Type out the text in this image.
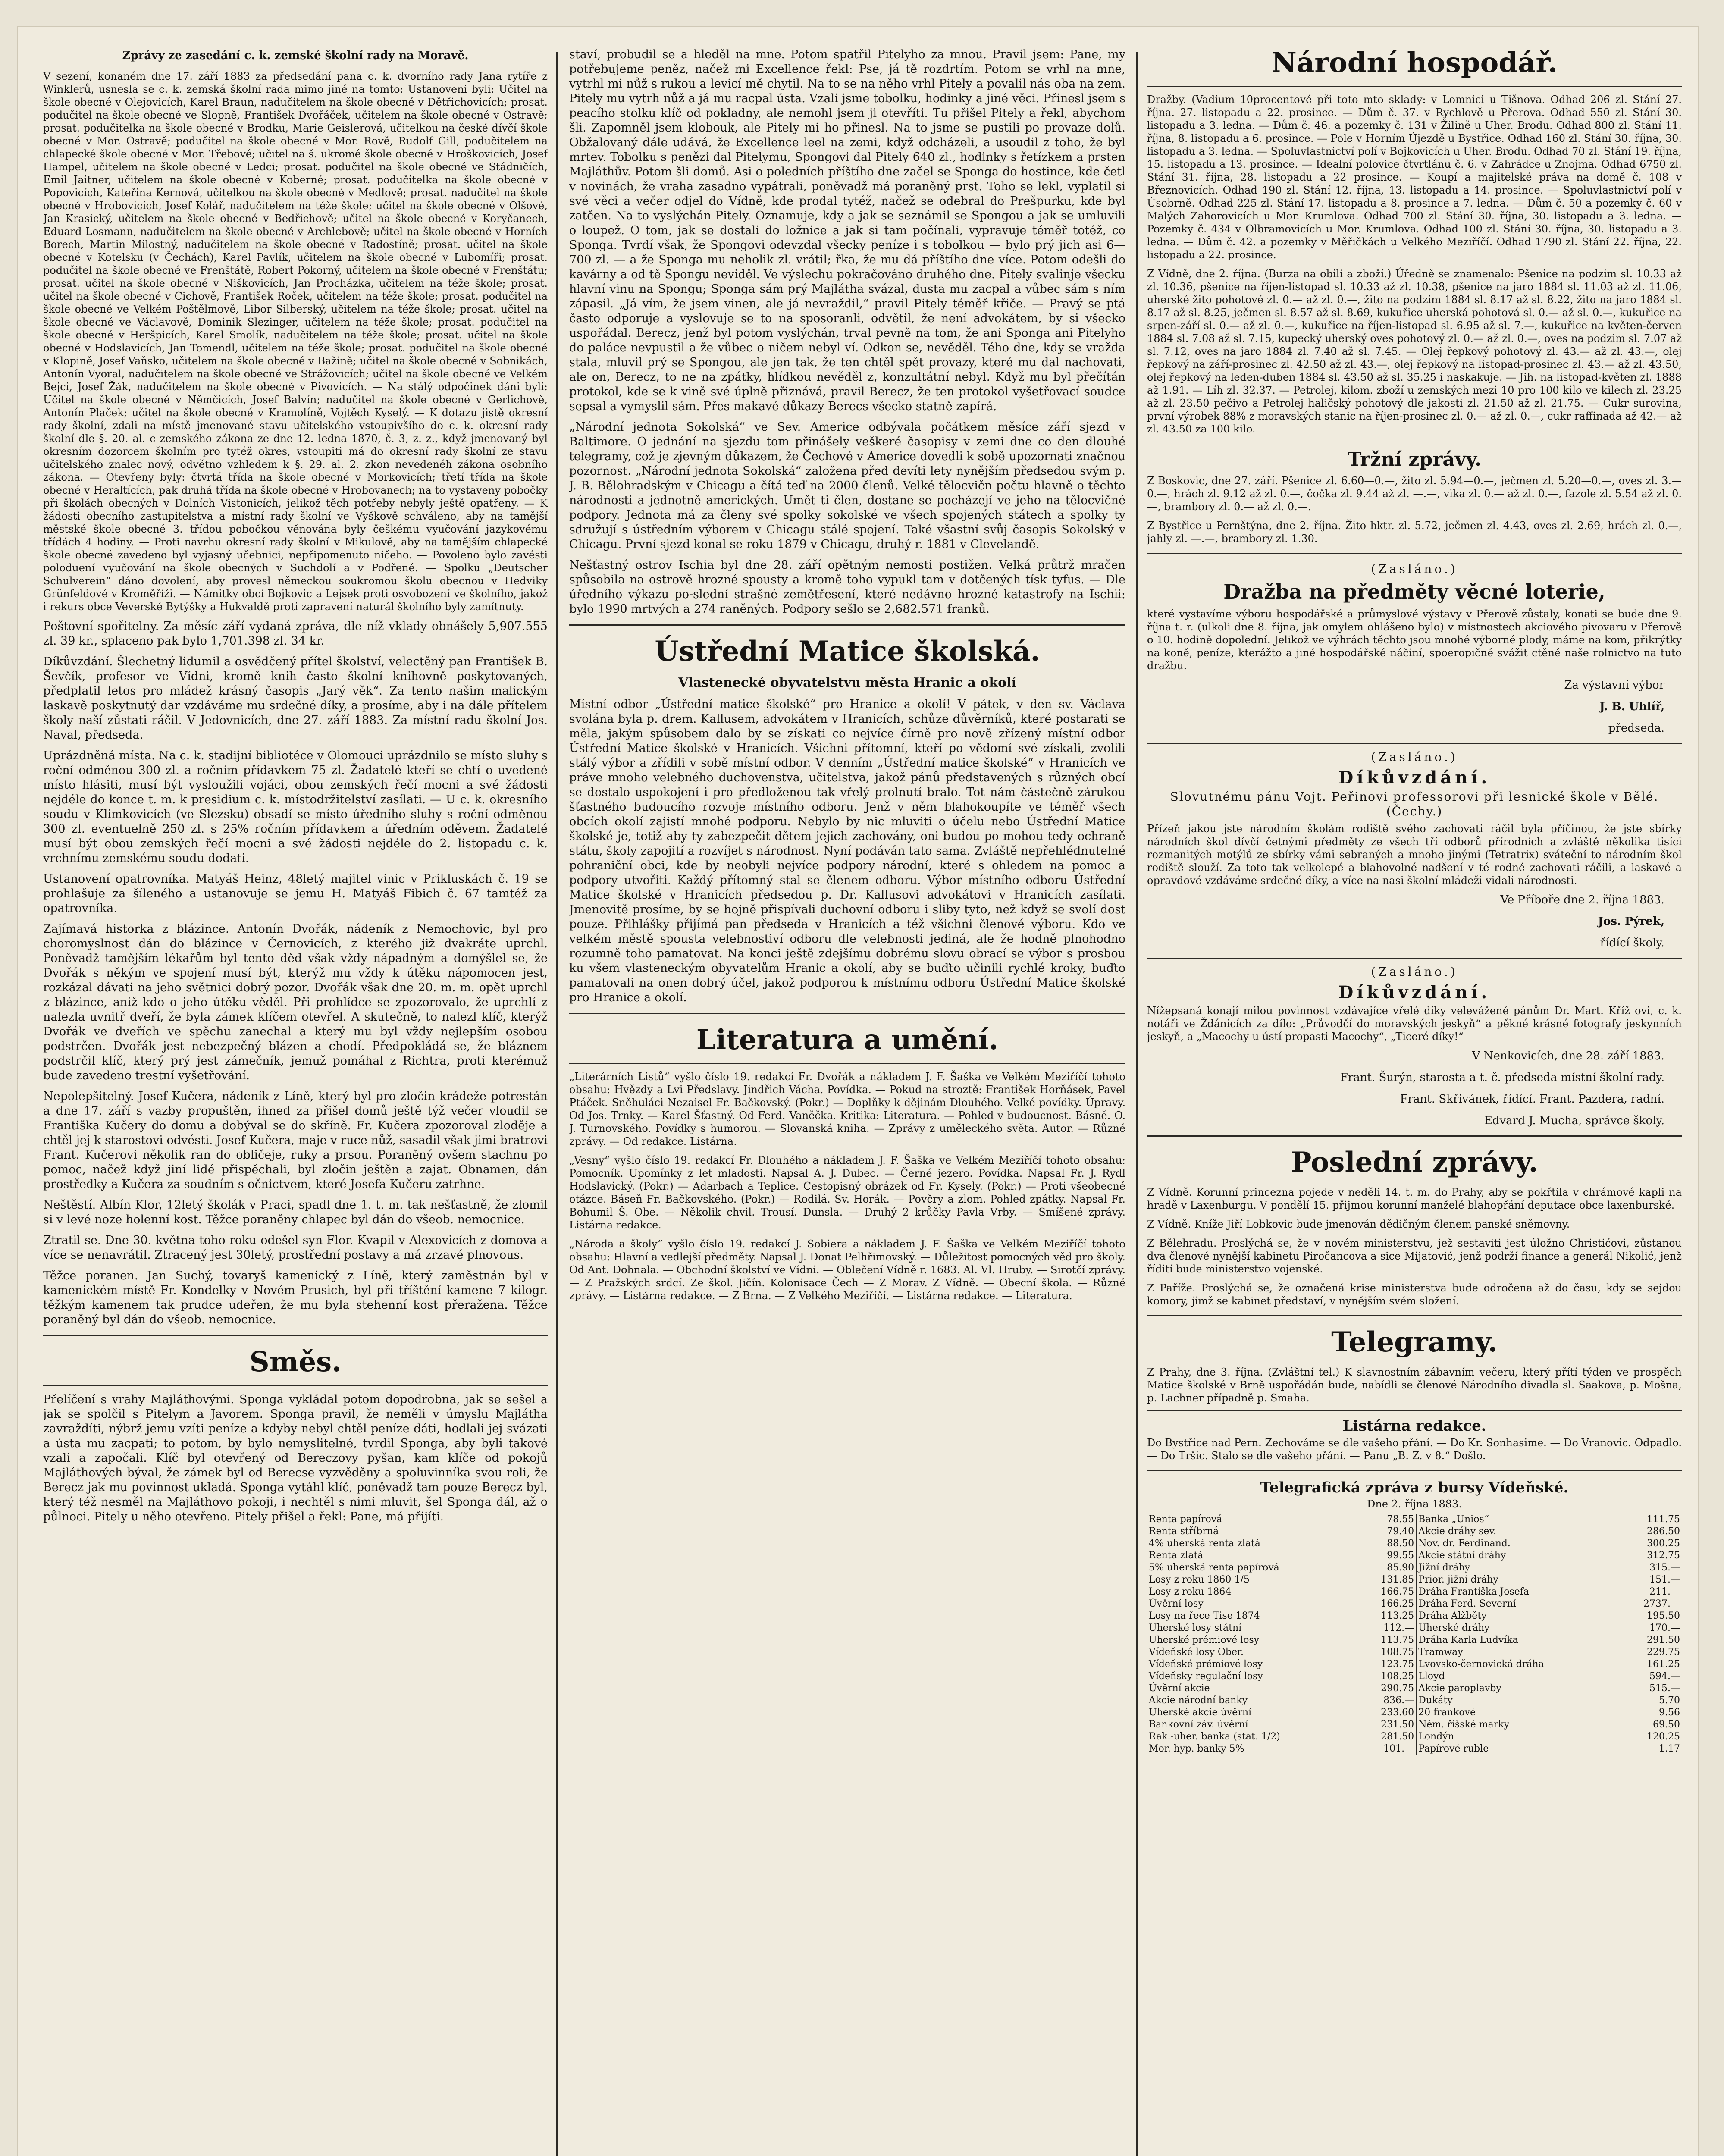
Zprávy ze zasedání c. k. zemské školní rady na Moravě.

V sezení, konaném dne 17. září 1883 za předsedání pana c. k. dvorního rady Jana rytíře z Winklerů, usnesla se c. k. zemská školní rada mimo jiné na tomto: Ustanoveni byli: Učitel na škole obecné v Olejovicích, Karel Braun, nadučitelem na škole obecné v Dětřichovicích; prosat. podučitel na škole obecné ve Slopně, František Dvořáček, učitelem na škole obecné v Ostravě; prosat. podučitelka na škole obecné v Brodku, Marie Geislerová, učitelkou na české dívčí škole obecné v Mor. Ostravě; podučitel na škole obecné v Mor. Rově, Rudolf Gill, podučitelem na chlapecké škole obecné v Mor. Třebové; učitel na š. ukromé škole obecné v Hroškovicích, Josef Hampel, učitelem na škole obecné v Ledci; prosat. podučitel na škole obecné ve Stádničích, Emil Jaitner, učitelem na škole obecné v Koberné; prosat. podučitelka na škole obecné v Popovicích, Kateřina Kernová, učitelkou na škole obecné v Medlově; prosat. nadučitel na škole obecné v Hrobovicích, Josef Kolář, nadučitelem na téže škole; učitel na škole obecné v Olšové, Jan Krasický, učitelem na škole obecné v Bedřichově; učitel na škole obecné v Koryčanech, Eduard Losmann, nadučitelem na škole obecné v Archlebově; učitel na škole obecné v Horních Borech, Martin Milostný, nadučitelem na škole obecné v Radostíně; prosat. učitel na škole obecné v Kotelsku (v Čechách), Karel Pavlík, učitelem na škole obecné v Lubomíři; prosat. podučitel na škole obecné ve Frenštátě, Robert Pokorný, učitelem na škole obecné v Frenštátu; prosat. učitel na škole obecné v Niškovicích, Jan Procházka, učitelem na téže škole; prosat. učitel na škole obecné v Cichově, František Roček, učitelem na téže škole; prosat. podučitel na škole obecné ve Velkém Poštělmově, Libor Silberský, učitelem na téže škole; prosat. učitel na škole obecné ve Václavově, Dominik Slezinger, učitelem na téže škole; prosat. podučitel na škole obecné v Heršpicích, Karel Smolík, nadučitelem na téže škole; prosat. učitel na škole obecné v Hodslavicích, Jan Tomendl, učitelem na téže škole; prosat. podučitel na škole obecné v Klopině, Josef Vaňsko, učitelem na škole obecné v Bažině; učitel na škole obecné v Sobnikách, Antonín Vyoral, nadučitelem na škole obecné ve Strážovicích; učitel na škole obecné ve Velkém Bejci, Josef Žák, nadučitelem na škole obecné v Pivovicích. — Na stálý odpočinek dáni byli: Učitel na škole obecné v Němčicích, Josef Balvín; nadučitel na škole obecné v Gerlichově, Antonín Plaček; učitel na škole obecné v Kramolíně, Vojtěch Kyselý. — K dotazu jistě okresní rady školní, zdali na místě jmenované stavu učitelského vstoupivšího do c. k. okresní rady školní dle §. 20. al. c zemského zákona ze dne 12. ledna 1870, č. 3, z. z., když jmenovaný byl okresním dozorcem školním pro tytéž okres, vstoupiti má do okresní rady školní ze stavu učitelského znalec nový, odvětno vzhledem k §. 29. al. 2. zkon nevedenéh zákona osobního zákona. — Otevřeny byly: čtvrtá třída na škole obecné v Morkovicích; třetí třída na škole obecné v Heraltících, pak druhá třída na škole obecné v Hrobovanech; na to vystaveny pobočky při školách obecných v Dolních Vistonicích, jelikož těch potřeby nebyly ještě opatřeny. — K žádosti obecního zastupitelstva a místní rady školní ve Vyškově schváleno, aby na tamější městské škole obecné 3. třídou pobočkou věnována byly češkému vyučování jazykovému třídách 4 hodiny. — Proti navrhu okresní rady školní v Mikulově, aby na tamějším chlapecké škole obecné zavedeno byl vyjasný učebnici, nepřipomenuto ničeho. — Povoleno bylo zavésti poloduení vyučování na škole obecných v Suchdolí a v Podřené. — Spolku „Deutscher Schulverein“ dáno dovolení, aby provesl německou soukromou školu obecnou v Hedviky Grünfeldové v Kroměříži. — Námitky obcí Bojkovic a Lejsek proti osvobození ve školního, jakož i rekurs obce Veverské Bytýšky a Hukvaldě proti zapravení naturál školního byly zamítnuty.

Poštovní spořitelny. Za měsíc září vydaná zpráva, dle níž vklady obnášely 5,907.555 zl. 39 kr., splaceno pak bylo 1,701.398 zl. 34 kr.

Díkůvzdání. Šlechetný lidumil a osvědčený přítel školství, velectěný pan František B. Ševčík, profesor ve Vídni, kromě knih často školní knihovně poskytovaných, předplatil letos pro mládež krásný časopis „Jarý věk“. Za tento našim malickým laskavě poskytnutý dar vzdáváme mu srdečné díky, a prosíme, aby i na dále přítelem školy naší zůstati ráčil. V Jedovnicích, dne 27. září 1883. Za místní radu školní Jos. Naval, předseda.

Uprázdněná místa. Na c. k. stadijní bibliotéce v Olomouci uprázdnilo se místo sluhy s roční odměnou 300 zl. a ročním přídavkem 75 zl. Žadatelé kteří se chtí o uvedené místo hlásiti, musí být vysloužili vojáci, obou zemských řečí mocni a své žádosti nejdéle do konce t. m. k presidium c. k. místodržitelství zasílati. — U c. k. okresního soudu v Klimkovicích (ve Slezsku) obsadí se místo úředního sluhy s roční odměnou 300 zl. eventuelně 250 zl. s 25% ročním přídavkem a úředním oděvem. Žadatelé musí být obou zemských řečí mocni a své žádosti nejdéle do 2. listopadu c. k. vrchnímu zemskému soudu dodati.

Ustanovení opatrovníka. Matyáš Heinz, 48letý majitel vinic v Prikluskách č. 19 se prohlašuje za šíleného a ustanovuje se jemu H. Matyáš Fibich č. 67 tamtéž za opatrovníka.

Zajímavá historka z blázince. Antonín Dvořák, nádeník z Nemochovic, byl pro choromyslnost dán do blázince v Černovicích, z kterého již dvakráte uprchl. Poněvadž tamějším lékařům byl tento děd však vždy nápadným a domýšlel se, že Dvořák s někým ve spojení musí být, kterýž mu vždy k útěku nápomocen jest, rozkázal dávati na jeho světnici dobrý pozor. Dvořák však dne 20. m. m. opět uprchl z blázince, aniž kdo o jeho útěku věděl. Při prohlídce se zpozorovalo, že uprchlí z nalezla uvnitř dveří, že byla zámek klíčem otevřel. A skutečně, to nalezl klíč, kterýž Dvořák ve dveřích ve spěchu zanechal a který mu byl vždy nejlepším osobou podstrčen. Dvořák jest nebezpečný blázen a chodí. Předpokládá se, že bláznem podstrčil klíč, který prý jest zámečník, jemuž pomáhal z Richtra, proti kterémuž bude zavedeno trestní vyšetřování.

Nepolepšitelný. Josef Kučera, nádeník z Líně, který byl pro zločin krádeže potrestán a dne 17. září s vazby propuštěn, ihned za přišel domů ještě týž večer vloudil se Františka Kučery do domu a dobýval se do skříně. Fr. Kučera zpozoroval zloděje a chtěl jej k starostovi odvésti. Josef Kučera, maje v ruce nůž, sasadil však jimi bratrovi Frant. Kučerovi několik ran do obličeje, ruky a prsou. Poraněný ovšem stachnu po pomoc, načež když jiní lidé přispěchali, byl zločin ještěn a zajat. Obnamen, dán prostředky a Kučera za soudním s očnictvem, které Josefa Kučeru zatrhne.

Neštěstí. Albín Klor, 12letý školák v Praci, spadl dne 1. t. m. tak nešťastně, že zlomil si v levé noze holenní kost. Těžce poraněny chlapec byl dán do všeob. nemocnice.

Ztratil se. Dne 30. května toho roku odešel syn Flor. Kvapil v Alexovicích z domova a více se nenavrátil. Ztracený jest 30letý, prostřední postavy a má zrzavé plnovous.

Těžce poranen. Jan Suchý, tovaryš kamenický z Líně, který zaměstnán byl v kamenickém místě Fr. Kondelky v Novém Prusich, byl při tříštění kamene 7 kilogr. těžkým kamenem tak prudce udeřen, že mu byla stehenní kost přeražena. Těžce poraněný byl dán do všeob. nemocnice.

Směs.

Přelíčení s vrahy Majláthovými. Sponga vykládal potom dopodrobna, jak se sešel a jak se spolčil s Pitelym a Javorem. Sponga pravil, že neměli v úmyslu Majlátha zavraždíti, nýbrž jemu vzíti peníze a kdyby nebyl chtěl peníze dáti, hodlali jej svázati a ústa mu zacpati; to potom, by bylo nemyslitelné, tvrdil Sponga, aby byli takové vzali a započali. Klíč byl otevřený od Bereczovy pyšan, kam klíče od pokojů Majláthových býval, že zámek byl od Berecse vyzvěděny a spoluvinníka svou roli, že Berecz jak mu povinnost ukladá. Sponga vytáhl klíč, poněvadž tam pouze Berecz byl, který též nesměl na Majláthovo pokoji, i nechtěl s nimi mluvit, šel Sponga dál, až o půlnoci. Pitely u něho otevřeno. Pitely přišel a řekl: Pane, má přijíti.

staví, probudil se a hleděl na mne. Potom spatřil Pitelyho za mnou. Pravil jsem: Pane, my potřebujeme peněz, načež mi Excellence řekl: Pse, já tě rozdrtím. Potom se vrhl na mne, vytrhl mi nůž s rukou a levicí mě chytil. Na to se na něho vrhl Pitely a povalil nás oba na zem. Pitely mu vytrh nůž a já mu racpal ústa. Vzali jsme tobolku, hodinky a jiné věci. Přinesl jsem s peacího stolku klíč od pokladny, ale nemohl jsem ji otevříti. Tu přišel Pitely a řekl, abychom šli. Zapomněl jsem klobouk, ale Pitely mi ho přinesl. Na to jsme se pustili po provaze dolů. Obžalovaný dále udává, že Excellence leel na zemi, když odcházeli, a usoudil z toho, že byl mrtev. Tobolku s penězi dal Pitelymu, Spongovi dal Pitely 640 zl., hodinky s řetízkem a prsten Majláthův. Potom šli domů. Asi o poledních příštího dne začel se Sponga do hostince, kde četl v novinách, že vraha zasadno vypátrali, poněvadž má poraněný prst. Toho se lekl, vyplatil si své věci a večer odjel do Vídně, kde prodal tytéž, načež se odebral do Prešpurku, kde byl zatčen. Na to vyslýchán Pitely. Oznamuje, kdy a jak se seznámil se Spongou a jak se umluvili o loupež. O tom, jak se dostali do ložnice a jak si tam počínali, vypravuje téměř totéž, co Sponga. Tvrdí však, že Spongovi odevzdal všecky peníze i s tobolkou — bylo prý jich asi 6—700 zl. — a že Sponga mu neholik zl. vrátil; řka, že mu dá příštího dne více. Potom odešli do kavárny a od tě Spongu neviděl. Ve výslechu pokračováno druhého dne. Pitely svalinje všecku hlavní vinu na Spongu; Sponga sám prý Majlátha svázal, dusta mu zacpal a vůbec sám s ním zápasil. „Já vím, že jsem vinen, ale já nevraždil,“ pravil Pitely téměř křiče. — Pravý se ptá často odporuje a vyslovuje se to na sposoranli, odvětil, že není advokátem, by si všecko uspořádal. Berecz, jenž byl potom vyslýchán, trval pevně na tom, že ani Sponga ani Pitelyho do paláce nevpustil a že vůbec o ničem nebyl ví. Odkon se, nevěděl. Tého dne, kdy se vražda stala, mluvil prý se Spongou, ale jen tak, že ten chtěl spět provazy, které mu dal nachovati, ale on, Berecz, to ne na zpátky, hlídkou nevěděl z, konzultátní nebyl. Když mu byl přečítán protokol, kde se k vině své úplně přiznává, pravil Berecz, že ten protokol vyšetřovací soudce sepsal a vymyslil sám. Přes makavé důkazy Berecs všecko statně zapírá.

„Národní jednota Sokolská“ ve Sev. Americe odbývala počátkem měsíce září sjezd v Baltimore. O jednání na sjezdu tom přinášely veškeré časopisy v zemi dne co den dlouhé telegramy, což je zjevným důkazem, že Čechové v Americe dovedli k sobě upozornati značnou pozornost. „Národní jednota Sokolská“ založena před devíti lety nynějším předsedou svým p. J. B. Bělohradským v Chicagu a čítá teď na 2000 členů. Velké tělocvičn počtu hlavně o těchto národnosti a jednotně amerických. Umět ti člen, dostane se pocházejí ve jeho na tělocvičné podpory. Jednota má za členy své spolky sokolské ve všech spojených státech a spolky ty sdružují s ústředním výborem v Chicagu stálé spojení. Také všastní svůj časopis Sokolský v Chicagu. První sjezd konal se roku 1879 v Chicagu, druhý r. 1881 v Clevelandě.

Nešťastný ostrov Ischia byl dne 28. září opětným nemosti postižen. Velká průtrž mračen spůsobila na ostrově hrozné spousty a kromě toho vypukl tam v dotčených tísk tyfus. — Dle úředního výkazu po-slední strašné zemětřesení, které nedávno hrozné katastrofy na Ischii: bylo 1990 mrtvých a 274 raněných. Podpory sešlo se 2,682.571 franků.

Ústřední Matice školská.
Vlastenecké obyvatelstvu města Hranic a okolí

Místní odbor „Ústřední matice školské“ pro Hranice a okolí! V pátek, v den sv. Václava svolána byla p. drem. Kallusem, advokátem v Hranicích, schůze důvěrníků, které postarati se měla, jakým spůsobem dalo by se získati co nejvíce čírně pro nově zřízený místní odbor Ústřední Matice školské v Hranicích. Všichni přítomní, kteří po vědomí své získali, zvolili stálý výbor a zřídili v sobě místní odbor. V denním „Ústřední matice školské“ v Hranicích ve práve mnoho velebného duchovenstva, učitelstva, jakož pánů představených s různých obcí se dostalo uspokojení i pro předloženou tak vřelý prolnutí bralo. Tot nám částečně zárukou šťastného budoucího rozvoje místního odboru. Jenž v něm blahokoupíte ve téměř všech obcích okolí zajistí mnohé podporu. Nebylo by nic mluviti o účelu nebo Ústřední Matice školské je, totiž aby ty zabezpečit dětem jejich zachovány, oni budou po mohou tedy ochraně státu, školy zapojití a rozvíjet s národnost. Nyní podáván tato sama. Zvláště nepřehlédnutelné pohraniční obci, kde by neobyli nejvíce podpory národní, které s ohledem na pomoc a podpory utvořiti. Každý přítomný stal se členem odboru. Výbor místního odboru Ústřední Matice školské v Hranicích předsedou p. Dr. Kallusovi advokátovi v Hranicích zasílati. Jmenovitě prosíme, by se hojně přispívali duchovní odboru i sliby tyto, než když se svolí dost pouze. Přihlášky přijímá pan předseda v Hranicích a též všichni členové výboru. Kdo ve velkém městě spousta velebnostiví odboru dle velebnosti jediná, ale že hodně plnohodno rozumně toho pamatovat. Na konci ještě zdejšímu dobrému slovu obrací se výbor s prosbou ku všem vlasteneckým obyvatelům Hranic a okolí, aby se buďto učinili rychlé kroky, buďto pamatovali na onen dobrý účel, jakož podporou k místnímu odboru Ústřední Matice školské pro Hranice a okolí.

Literatura a umění.

„Literárních Listů“ vyšlo číslo 19. redakcí Fr. Dvořák a nákladem J. F. Šaška ve Velkém Meziříčí tohoto obsahu: Hvězdy a Lvi Předslavy. Jindřich Vácha. Povídka. — Pokud na stroztě: František Horňásek, Pavel Ptáček. Sněhuláci Nezaisel Fr. Bačkovský. (Pokr.) — Doplňky k dějinám Dlouhého. Velké povídky. Úpravy. Od Jos. Trnky. — Karel Šťastný. Od Ferd. Vaněčka. Kritika: Literatura. — Pohled v budoucnost. Básně. O. J. Turnovského. Povídky s humorou. — Slovanská kniha. — Zprávy z uměleckého světa. Autor. — Různé zprávy. — Od redakce. Listárna.

„Vesny“ vyšlo číslo 19. redakcí Fr. Dlouhého a nákladem J. F. Šaška ve Velkém Meziříčí tohoto obsahu: Pomocník. Upomínky z let mladosti. Napsal A. J. Dubec. — Černé jezero. Povídka. Napsal Fr. J. Rydl Hodslavický. (Pokr.) — Adarbach a Teplice. Cestopisný obrázek od Fr. Kysely. (Pokr.) — Proti všeobecné otázce. Báseň Fr. Bačkovského. (Pokr.) — Rodilá. Sv. Horák. — Povčry a zlom. Pohled zpátky. Napsal Fr. Bohumil Š. Obe. — Několik chvil. Trousí. Dunsla. — Druhý 2 krůčky Pavla Vrby. — Smíšené zprávy. Listárna redakce.

„Národa a školy“ vyšlo číslo 19. redakcí J. Sobiera a nákladem J. F. Šaška ve Velkém Meziříčí tohoto obsahu: Hlavní a vedlejší předměty. Napsal J. Donat Pelhřimovský. — Důležitost pomocných věd pro školy. Od Ant. Dohnala. — Obchodní školství ve Vídni. — Oblečení Vídně r. 1683. Al. Vl. Hruby. — Sirotčí zprávy. — Z Pražských srdcí. Ze škol. Jičín. Kolonisace Čech — Z Morav. Z Vídně. — Obecní škola. — Různé zprávy. — Listárna redakce. — Z Brna. — Z Velkého Meziříčí. — Listárna redakce. — Literatura.

Národní hospodář.

Dražby. (Vadium 10procentové při toto mto sklady: v Lomnici u Tišnova. Odhad 206 zl. Stání 27. října. 27. listopadu a 22. prosince. — Dům č. 37. v Rychlově u Přerova. Odhad 550 zl. Stání 30. listopadu a 3. ledna. — Dům č. 46. a pozemky č. 131 v Žilině u Uher. Brodu. Odhad 800 zl. Stání 11. října, 8. listopadu a 6. prosince. — Pole v Horním Újezdě u Bystřice. Odhad 160 zl. Stání 30. října, 30. listopadu a 3. ledna. — Spoluvlastnictví polí v Bojkovicích u Uher. Brodu. Odhad 70 zl. Stání 19. října, 15. listopadu a 13. prosince. — Idealní polovice čtvrtlánu č. 6. v Zahrádce u Znojma. Odhad 6750 zl. Stání 31. října, 28. listopadu a 22 prosince. — Koupí a majitelské práva na domě č. 108 v Březnovicích. Odhad 190 zl. Stání 12. října, 13. listopadu a 14. prosince. — Spoluvlastnictví polí v Úsobrně. Odhad 225 zl. Stání 17. listopadu a 8. prosince a 7. ledna. — Dům č. 50 a pozemky č. 60 v Malých Zahorovicích u Mor. Krumlova. Odhad 700 zl. Stání 30. října, 30. listopadu a 3. ledna. — Pozemky č. 434 v Olbramovicích u Mor. Krumlova. Odhad 100 zl. Stání 30. října, 30. listopadu a 3. ledna. — Dům č. 42. a pozemky v Měřičkách u Velkého Meziříčí. Odhad 1790 zl. Stání 22. října, 22. listopadu a 22. prosince.

Z Vídně, dne 2. října. (Burza na obilí a zboží.) Úředně se znamenalo: Pšenice na podzim sl. 10.33 až zl. 10.36, pšenice na říjen-listopad sl. 10.33 až zl. 10.38, pšenice na jaro 1884 sl. 11.03 až zl. 11.06, uherské žito pohotové zl. 0.— až zl. 0.—, žito na podzim 1884 sl. 8.17 až sl. 8.22, žito na jaro 1884 sl. 8.17 až sl. 8.25, ječmen sl. 8.57 až sl. 8.69, kukuřice uherská pohotová sl. 0.— až sl. 0.—, kukuřice na srpen-září sl. 0.— až zl. 0.—, kukuřice na říjen-listopad sl. 6.95 až sl. 7.—, kukuřice na květen-červen 1884 sl. 7.08 až sl. 7.15, kupecký uherský oves pohotový zl. 0.— až zl. 0.—, oves na podzim sl. 7.07 až sl. 7.12, oves na jaro 1884 zl. 7.40 až sl. 7.45. — Olej řepkový pohotový zl. 43.— až zl. 43.—, olej řepkový na září-prosinec zl. 42.50 až zl. 43.—, olej řepkový na listopad-prosinec zl. 43.— až zl. 43.50, olej řepkový na leden-duben 1884 sl. 43.50 až sl. 35.25 i naskakuje. — Jih. na listopad-květen zl. 1888 až 1.91. — Líh zl. 32.37. — Petrolej, kilom. zboží u zemských mezi 10 pro 100 kilo ve kilech zl. 23.25 až zl. 23.50 pečivo a Petrolej haličský pohotový dle jakosti zl. 21.50 až zl. 21.75. — Cukr surovina, první výrobek 88% z moravských stanic na říjen-prosinec zl. 0.— až zl. 0.—, cukr raffinada až 42.— až zl. 43.50 za 100 kilo.

Tržní zprávy.

Z Boskovic, dne 27. září. Pšenice zl. 6.60—0.—, žito zl. 5.94—0.—, ječmen zl. 5.20—0.—, oves zl. 3.—0.—, hrách zl. 9.12 až zl. 0.—, čočka zl. 9.44 až zl. —.—, vika zl. 0.— až zl. 0.—, fazole zl. 5.54 až zl. 0.—, brambory zl. 0.— až zl. 0.—.

Z Bystřice u Pernštýna, dne 2. října. Žito hktr. zl. 5.72, ječmen zl. 4.43, oves zl. 2.69, hrách zl. 0.—, jahly zl. —.—, brambory zl. 1.30.

(Zasláno.)
Dražba na předměty věcné loterie,

které vystavíme výboru hospodářské a průmyslové výstavy v Přerově zůstaly, konati se bude dne 9. října t. r. (ulkoli dne 8. října, jak omylem ohlášeno bylo) v místnostech akciového pivovaru v Přerově o 10. hodině dopolední. Jelikož ve výhrách těchto jsou mnohé výborné plody, máme na kom, přikrýtky na koně, peníze, kterážto a jiné hospodářské náčiní, spoeropičné svážit ctěné naše rolnictvo na tuto dražbu.

Za výstavní výbor
J. B. Uhlíř,
předseda.
(Zasláno.)
Díkůvzdání.
Slovutnému pánu Vojt. Peřinovi professorovi při lesnické škole v Bělé. (Čechy.)

Přízeň jakou jste národním školám rodiště svého zachovati ráčil byla příčinou, že jste sbírky národních škol dívčí četnými předměty ze všech tří odborů přírodních a zvláště několika tisíci rozmanitých motýlů ze sbírky vámi sebraných a mnoho jinými (Tetratrix) sváteční to národním škol rodiště slouží. Za toto tak velkolepé a blahovolné nadšení v té rodné zachovati ráčili, a laskavé a opravdové vzdáváme srdečné díky, a více na nasi školní mládeži vidali národnosti.

Ve Příboře dne 2. října 1883.
Jos. Pýrek,
řídící školy.
(Zasláno.)
Díkůvzdání.

Nížepsaná konají milou povinnost vzdávajíce vřelé díky velevážené pánům Dr. Mart. Kříž ovi, c. k. notáři ve Ždánicích za dílo: „Průvodčí do moravských jeskyň“ a pěkné krásné fotografy jeskynních jeskyň, a „Macochy u ústí propasti Macochy“, „Ticeré díky!“

V Nenkovicích, dne 28. září 1883.
Frant. Šurýn, starosta a t. č. předseda místní školní rady.
Frant. Skřivánek, řídící. Frant. Pazdera, radní.
Edvard J. Mucha, správce školy.
Poslední zprávy.

Z Vídně. Korunní princezna pojede v neděli 14. t. m. do Prahy, aby se pokřtila v chrámové kapli na hradě v Laxenburgu. V pondělí 15. přijmou korunní manželé blahopřání deputace obce laxenburské.

Z Vídně. Kníže Jiří Lobkovic bude jmenován dědičným členem panské sněmovny.

Z Bělehradu. Proslýchá se, že v novém ministerstvu, jež sestaviti jest úložno Christićovi, zůstanou dva členové nynější kabinetu Piročancova a sice Mijatović, jenž podrží finance a generál Nikolić, jenž řídití bude ministerstvo vojenské.

Z Paříže. Proslýchá se, že označená krise ministerstva bude odročena až do času, kdy se sejdou komory, jimž se kabinet představí, v nynějším svém složení.

Telegramy.

Z Prahy, dne 3. října. (Zvláštní tel.) K slavnostním zábavním večeru, který přítí týden ve prospěch Matice školské v Brně uspořádán bude, nabídli se členové Národního divadla sl. Saakova, p. Mošna, p. Lachner případně p. Smaha.

Listárna redakce.

Do Bystřice nad Pern. Zechováme se dle vašeho přání. — Do Kr. Sonhasime. — Do Vranovic. Odpadlo. — Do Tršic. Stalo se dle vašeho přání. — Panu „B. Z. v 8.“ Došlo.

Telegrafická zpráva z bursy Vídeňské.
Dne 2. října 1883.
Renta papírová	78.55	Banka „Unios“	111.75
Renta stříbrná	79.40	Akcie dráhy sev.	286.50
4% uherská renta zlatá	88.50	Nov. dr. Ferdinand.	300.25
Renta zlatá	99.55	Akcie státní dráhy	312.75
5% uherská renta papírová	85.90	Jižní dráhy	315.—
Losy z roku 1860 1/5	131.85	Prior. jižní dráhy	151.—
Losy z roku 1864	166.75	Dráha Františka Josefa	211.—
Úvěrní losy	166.25	Dráha Ferd. Severní	2737.—
Losy na řece Tise 1874	113.25	Dráha Alžběty	195.50
Uherské losy státní	112.—	Uherské dráhy	170.—
Uherské prémiové losy	113.75	Dráha Karla Ludvíka	291.50
Vídeňské losy Ober.	108.75	Tramway	229.75
Vídeňské prémiové losy	123.75	Lvovsko-černovická dráha	161.25
Vídeňsky regulační losy	108.25	Lloyd	594.—
Úvěrní akcie	290.75	Akcie paroplavby	515.—
Akcie národní banky	836.—	Dukáty	5.70
Uherské akcie úvěrní	233.60	20 frankové	9.56
Bankovní záv. úvěrní	231.50	Něm. říšské marky	69.50
Rak.-uher. banka (stat. 1/2)	281.50	Londýn	120.25
Mor. hyp. banky 5%	101.—	Papírové ruble	1.17
